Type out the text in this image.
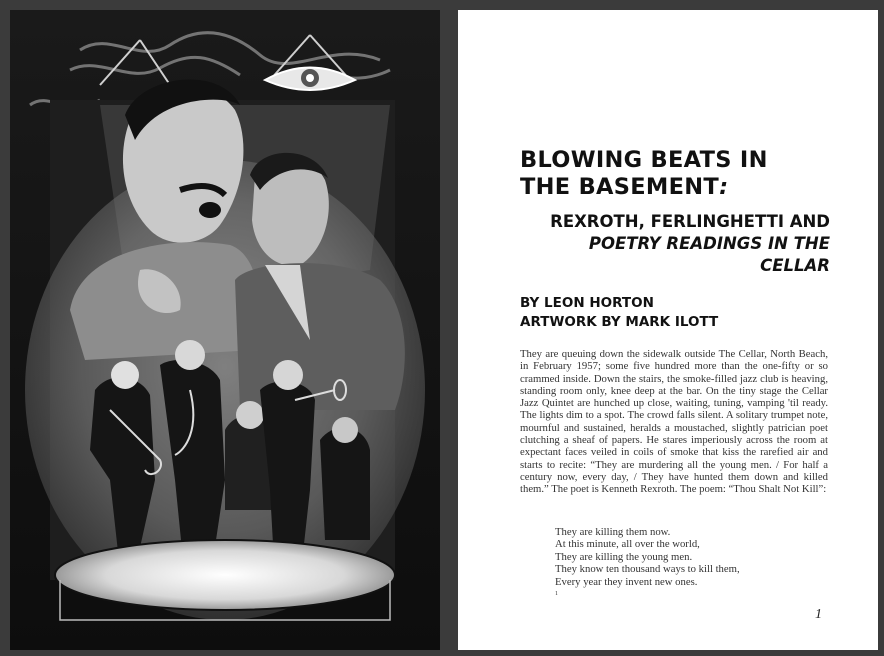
BLOWING BEATS IN
THE BASEMENT:
REXROTH, FERLINGHETTI AND
POETRY READINGS IN THE
CELLAR
BY LEON HORTON
ARTWORK BY MARK ILOTT

They are queuing down the sidewalk outside The Cellar, North Beach, in February 1957; some five hundred more than the one-fifty or so crammed inside. Down the stairs, the smoke-filled jazz club is heaving, standing room only, knee deep at the bar. On the tiny stage the Cellar Jazz Quintet are hunched up close, waiting, tuning, vamping 'til ready. The lights dim to a spot. The crowd falls silent. A solitary trumpet note, mournful and sustained, heralds a moustached, slightly patrician poet clutching a sheaf of papers. He stares imperiously across the room at expectant faces veiled in coils of smoke that kiss the rarefied air and starts to recite: “They are murdering all the young men. / For half a century now, every day, / They have hunted them down and killed them.” The poet is Kenneth Rexroth. The poem: “Thou Shalt Not Kill”:

They are killing them now.
At this minute, all over the world,
They are killing the young men.
They know ten thousand ways to kill them,
Every year they invent new ones.
$^1$
1
